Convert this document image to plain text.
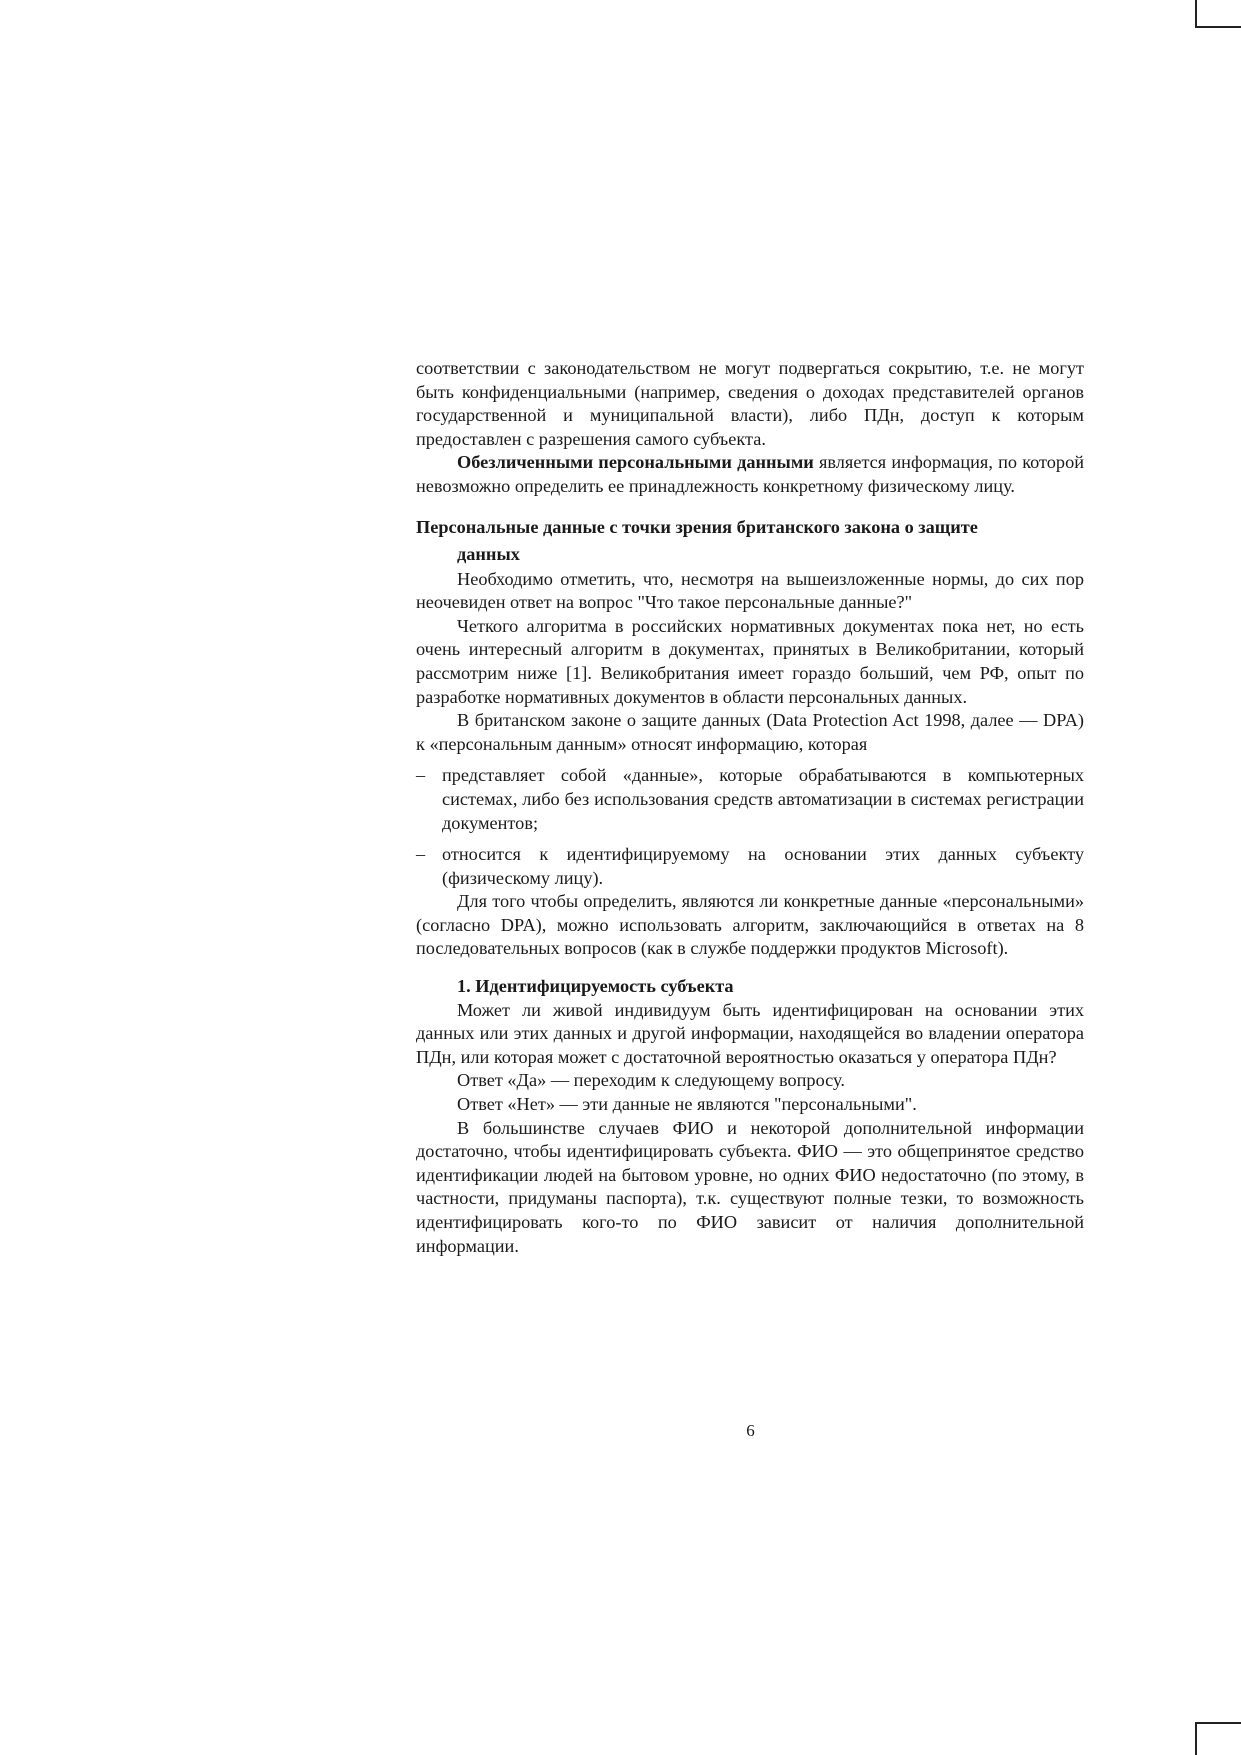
соответствии с законодательством не могут подвергаться сокрытию, т.е. не могут быть конфиденциальными (например, сведения о доходах представителей органов государственной и муниципальной власти), либо ПДн, доступ к которым предоставлен с разрешения самого субъекта.

Обезличенными персональными данными является информация, по которой невозможно определить ее принадлежность конкретному физическому лицу.

Персональные данные с точки зрения британского закона о защите
данных

Необходимо отметить, что, несмотря на вышеизложенные нормы, до сих пор неочевиден ответ на вопрос "Что такое персональные данные?"

Четкого алгоритма в российских нормативных документах пока нет, но есть очень интересный алгоритм в документах, принятых в Великобритании, который рассмотрим ниже [1]. Великобритания имеет гораздо больший, чем РФ, опыт по разработке нормативных документов в области персональных данных.

В британском законе о защите данных (Data Protection Act 1998, далее — DPA) к «персональным данным» относят информацию, которая

– представляет собой «данные», которые обрабатываются в компьютерных системах, либо без использования средств автоматизации в системах регистрации документов;

– относится к идентифицируемому на основании этих данных субъекту (физическому лицу).

Для того чтобы определить, являются ли конкретные данные «персональными» (согласно DPA), можно использовать алгоритм, заключающийся в ответах на 8 последовательных вопросов (как в службе поддержки продуктов Microsoft).

1. Идентифицируемость субъекта

Может ли живой индивидуум быть идентифицирован на основании этих данных или этих данных и другой информации, находящейся во владении оператора ПДн, или которая может с достаточной вероятностью оказаться у оператора ПДн?

Ответ «Да» — переходим к следующему вопросу.

Ответ «Нет» — эти данные не являются "персональными".

В большинстве случаев ФИО и некоторой дополнительной информации достаточно, чтобы идентифицировать субъекта. ФИО — это общепринятое средство идентификации людей на бытовом уровне, но одних ФИО недостаточно (по этому, в частности, придуманы паспорта), т.к. существуют полные тезки, то возможность идентифицировать кого-то по ФИО зависит от наличия дополнительной информации.

6
